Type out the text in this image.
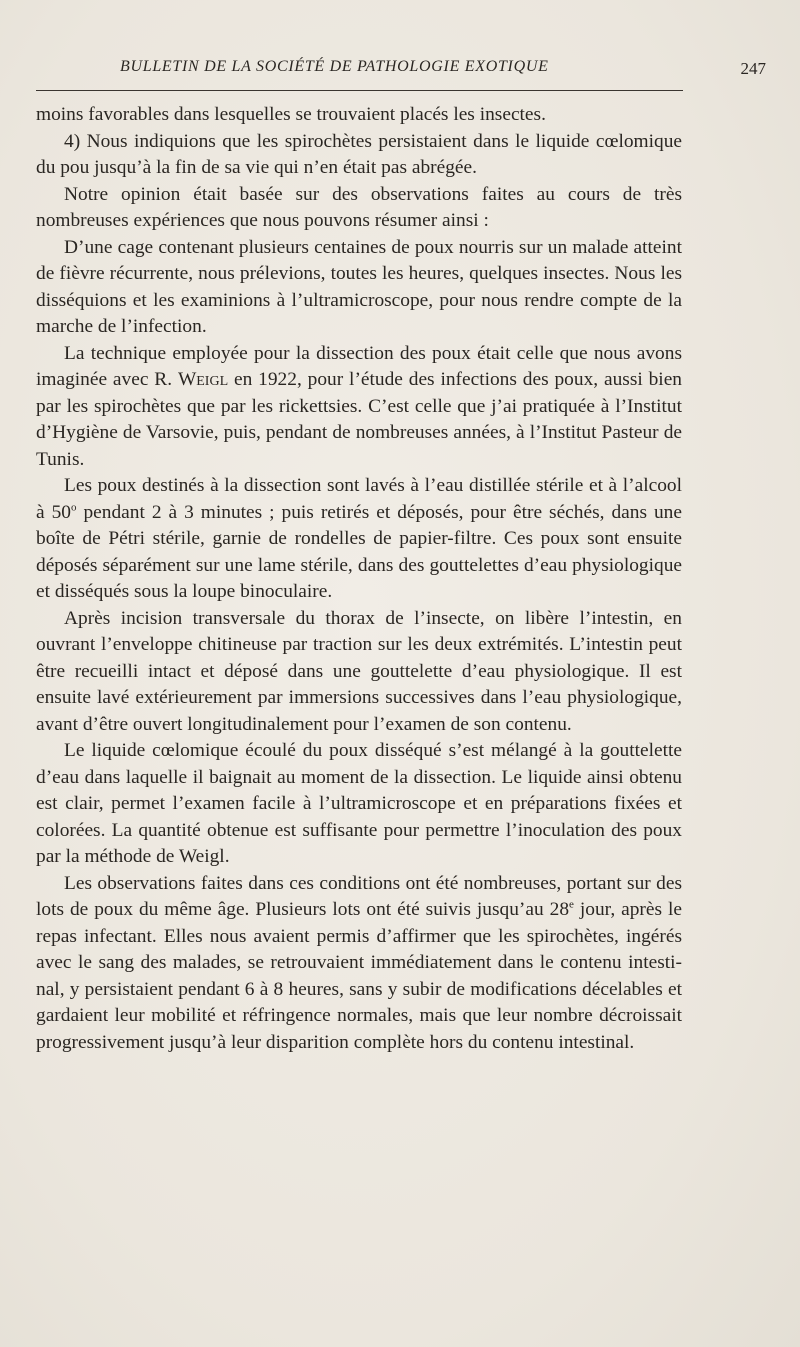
BULLETIN DE LA SOCIÉTÉ DE PATHOLOGIE EXOTIQUE	247

moins favorables dans lesquelles se trouvaient placés les insectes.

4) Nous indiquions que les spirochètes persistaient dans le liquide cœlomique du pou jusqu’à la fin de sa vie qui n’en était pas abrégée.

Notre opinion était basée sur des observations faites au cours de très nombreuses expériences que nous pouvons résumer ainsi :

D’une cage contenant plusieurs centaines de poux nourris sur un malade atteint de fièvre récurrente, nous prélevions, toutes les heures, quelques insectes. Nous les disséquions et les examinions à l’ultramicroscope, pour nous rendre compte de la marche de l’infection.

La technique employée pour la dissection des poux était celle que nous avons imaginée avec R. Weigl en 1922, pour l’étude des infections des poux, aussi bien par les spirochètes que par les rickettsies. C’est celle que j’ai pratiquée à l’Institut d’Hygiène de Varsovie, puis, pendant de nombreuses années, à l’Institut Pasteur de Tunis.

Les poux destinés à la dissection sont lavés à l’eau distillée stérile et à l’alcool à 50$^o$ pendant 2 à 3 minutes ; puis retirés et déposés, pour être séchés, dans une boîte de Pétri stérile, garnie de rondelles de papier-filtre. Ces poux sont ensuite déposés séparément sur une lame stérile, dans des gouttelettes d’eau physiologique et disséqués sous la loupe binoculaire.

Après incision transversale du thorax de l’insecte, on libère l’intestin, en ouvrant l’enveloppe chitineuse par traction sur les deux extrémités. L’intestin peut être recueilli intact et déposé dans une gouttelette d’eau physiologique. Il est ensuite lavé extérieurement par immersions successives dans l’eau physiologique, avant d’être ouvert longitudinalement pour l’examen de son contenu.

Le liquide cœlomique écoulé du poux disséqué s’est mélangé à la gouttelette d’eau dans laquelle il baignait au moment de la dissection. Le liquide ainsi obtenu est clair, permet l’examen facile à l’ultramicroscope et en préparations fixées et colorées. La quantité obtenue est suffisante pour permettre l’inoculation des poux par la méthode de Weigl.

Les observations faites dans ces conditions ont été nombreuses, portant sur des lots de poux du même âge. Plusieurs lots ont été suivis jusqu’au 28e jour, après le repas infectant. Elles nous avaient permis d’affirmer que les spirochètes, ingérés avec le sang des malades, se retrouvaient immédiatement dans le contenu intestinal, y persistaient pendant 6 à 8 heures, sans y subir de modifications décelables et gardaient leur mobilité et réfringence normales, mais que leur nombre décroissait progressivement jusqu’à leur disparition complète hors du contenu intestinal.
